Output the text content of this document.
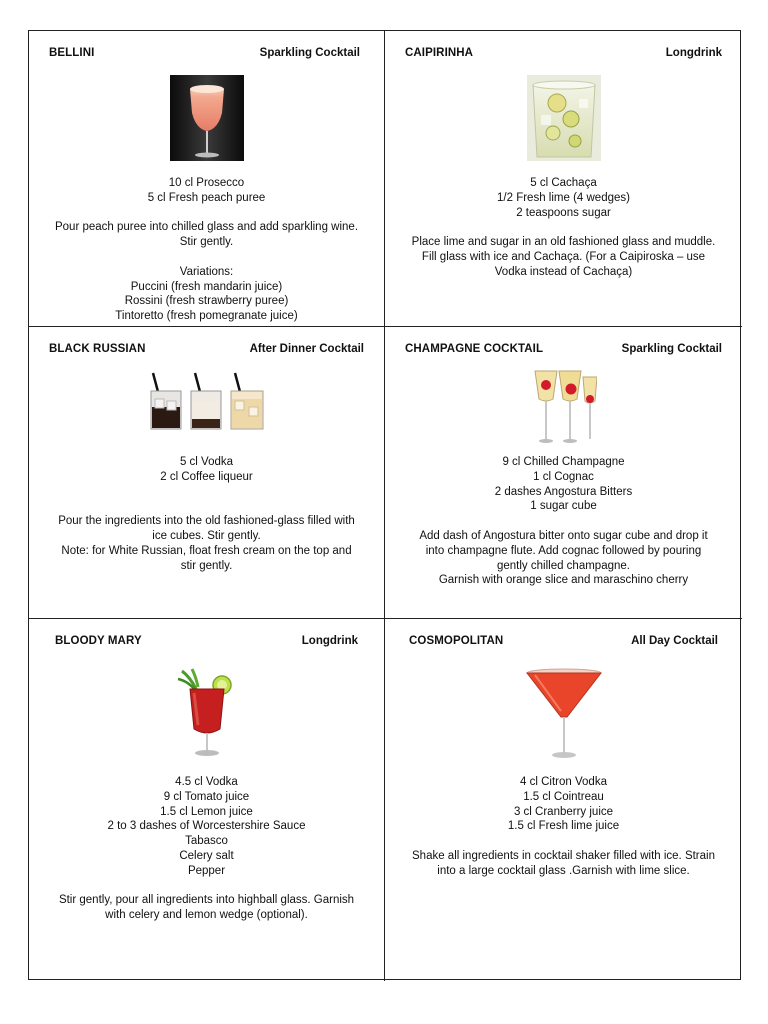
BELLINI	Sparkling Cocktail
10 cl Prosecco
5 cl Fresh peach puree
Pour peach puree into chilled glass and add sparkling wine.
Stir gently.
Variations:
Puccini (fresh mandarin juice)
Rossini (fresh strawberry puree)
Tintoretto (fresh pomegranate juice)
CAIPIRINHA	Longdrink
5 cl Cachaça
1/2 Fresh lime (4 wedges)
2 teaspoons sugar
Place lime and sugar in an old fashioned glass and muddle.
Fill glass with ice and Cachaça. (For a Caipiroska – use
Vodka instead of Cachaça)
BLACK RUSSIAN	After Dinner Cocktail
5 cl Vodka
2 cl Coffee liqueur
Pour the ingredients into the old fashioned-glass filled with
ice cubes. Stir gently.
Note: for White Russian, float fresh cream on the top and
stir gently.
CHAMPAGNE COCKTAIL	Sparkling Cocktail
9 cl Chilled Champagne
1 cl Cognac
2 dashes Angostura Bitters
1 sugar cube
Add dash of Angostura bitter onto sugar cube and drop it
into champagne flute. Add cognac followed by pouring
gently chilled champagne.
Garnish with orange slice and maraschino cherry
BLOODY MARY	Longdrink
4.5 cl Vodka
9 cl Tomato juice
1.5 cl Lemon juice
2 to 3 dashes of Worcestershire Sauce
Tabasco
Celery salt
Pepper
Stir gently, pour all ingredients into highball glass. Garnish
with celery and lemon wedge (optional).
COSMOPOLITAN	All Day Cocktail
4 cl Citron Vodka
1.5 cl Cointreau
3 cl Cranberry juice
1.5 cl Fresh lime juice
Shake all ingredients in cocktail shaker filled with ice. Strain
into a large cocktail glass .Garnish with lime slice.
